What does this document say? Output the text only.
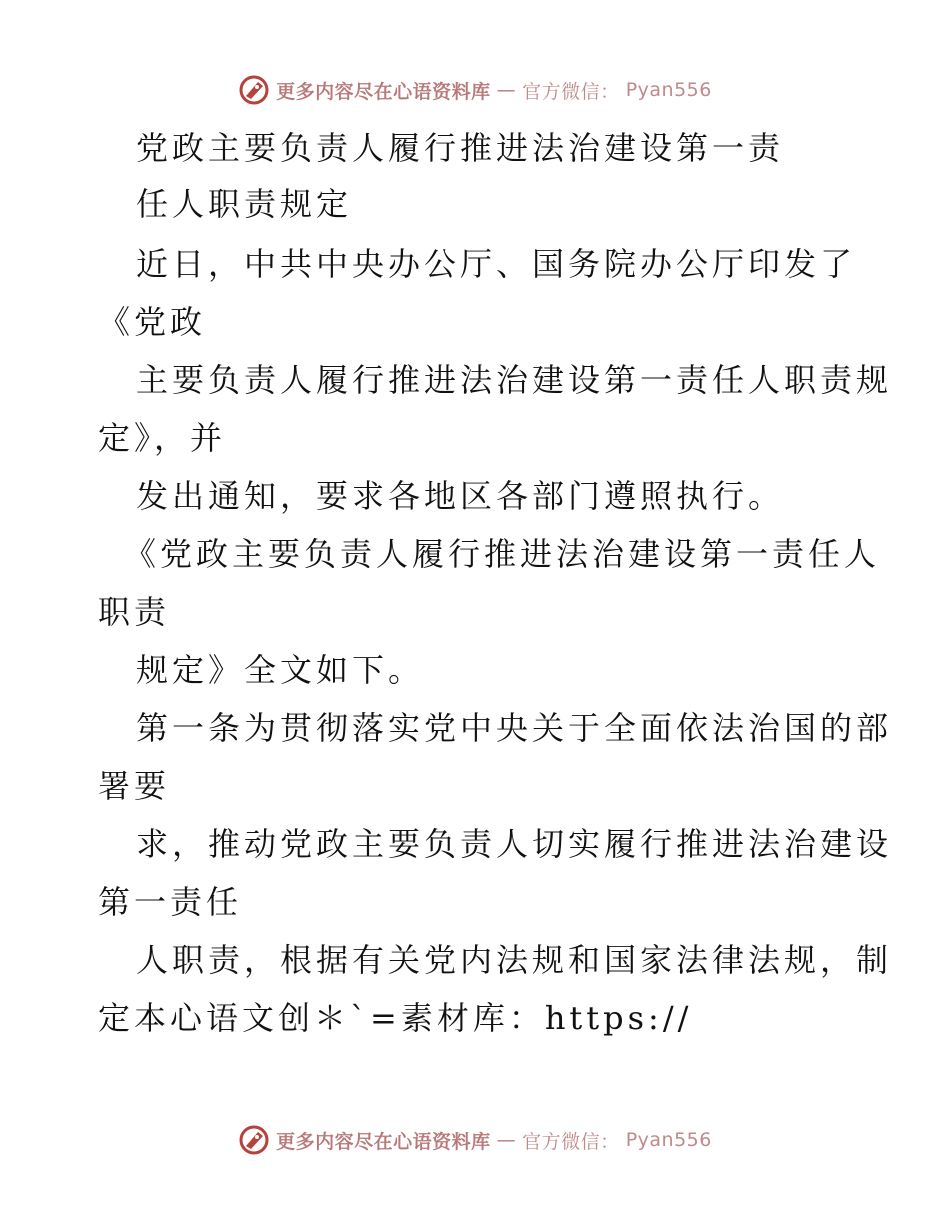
更多内容尽在心语资料库 — 官方微信： Pyan556
党政主要负责人履行推进法治建设第一责
任人职责规定
近日，中共中央办公厅、国务院办公厅印发了
《党政
主要负责人履行推进法治建设第一责任人职责规
定》，并
发出通知，要求各地区各部门遵照执行。
《党政主要负责人履行推进法治建设第一责任人
职责
规定》全文如下。
第一条为贯彻落实党中央关于全面依法治国的部
署要
求，推动党政主要负责人切实履行推进法治建设
第一责任
人职责，根据有关党内法规和国家法律法规，制
定本心语文创＊`=素材库：https://
更多内容尽在心语资料库 — 官方微信： Pyan556
